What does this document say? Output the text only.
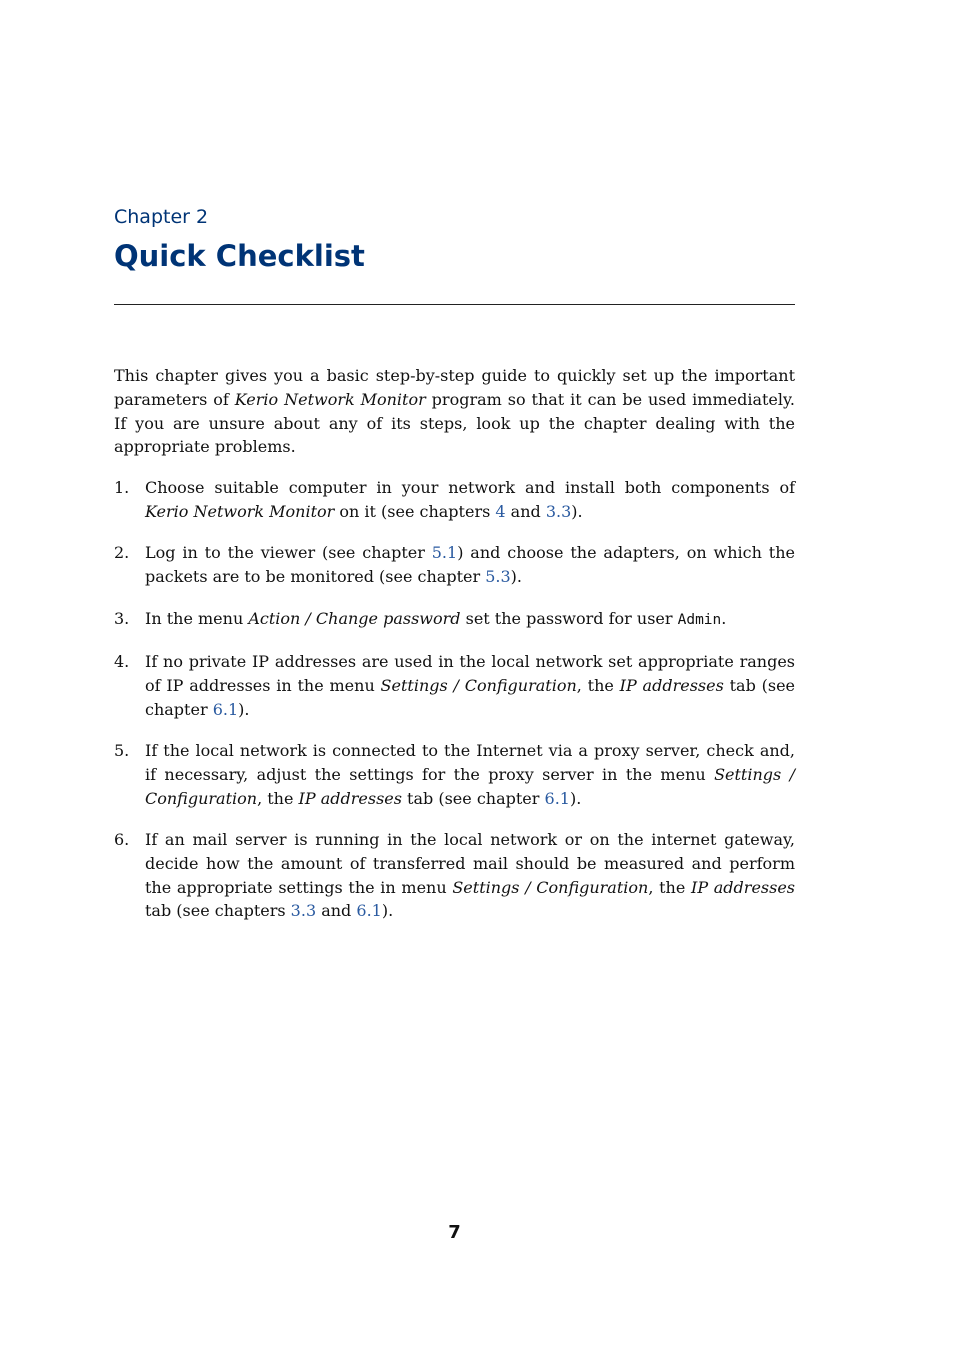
Chapter 2
Quick Checklist

This chapter gives you a basic step-by-step guide to quickly set up the important parameters of Kerio Network Monitor program so that it can be used immediately. If you are unsure about any of its steps, look up the chapter dealing with the appropriate problems.

1. Choose suitable computer in your network and install both components of Kerio Network Monitor on it (see chapters 4 and 3.3).
2. Log in to the viewer (see chapter 5.1) and choose the adapters, on which the packets are to be monitored (see chapter 5.3).
3. In the menu Action / Change password set the password for user Admin.
4. If no private IP addresses are used in the local network set appropriate ranges of IP addresses in the menu Settings / Configuration, the IP addresses tab (see chapter 6.1).
5. If the local network is connected to the Internet via a proxy server, check and, if necessary, adjust the settings for the proxy server in the menu Settings / Configuration, the IP addresses tab (see chapter 6.1).
6. If an mail server is running in the local network or on the internet gateway, decide how the amount of transferred mail should be measured and perform the appropriate settings the in menu Settings / Configuration, the IP addresses tab (see chapters 3.3 and 6.1).
7
